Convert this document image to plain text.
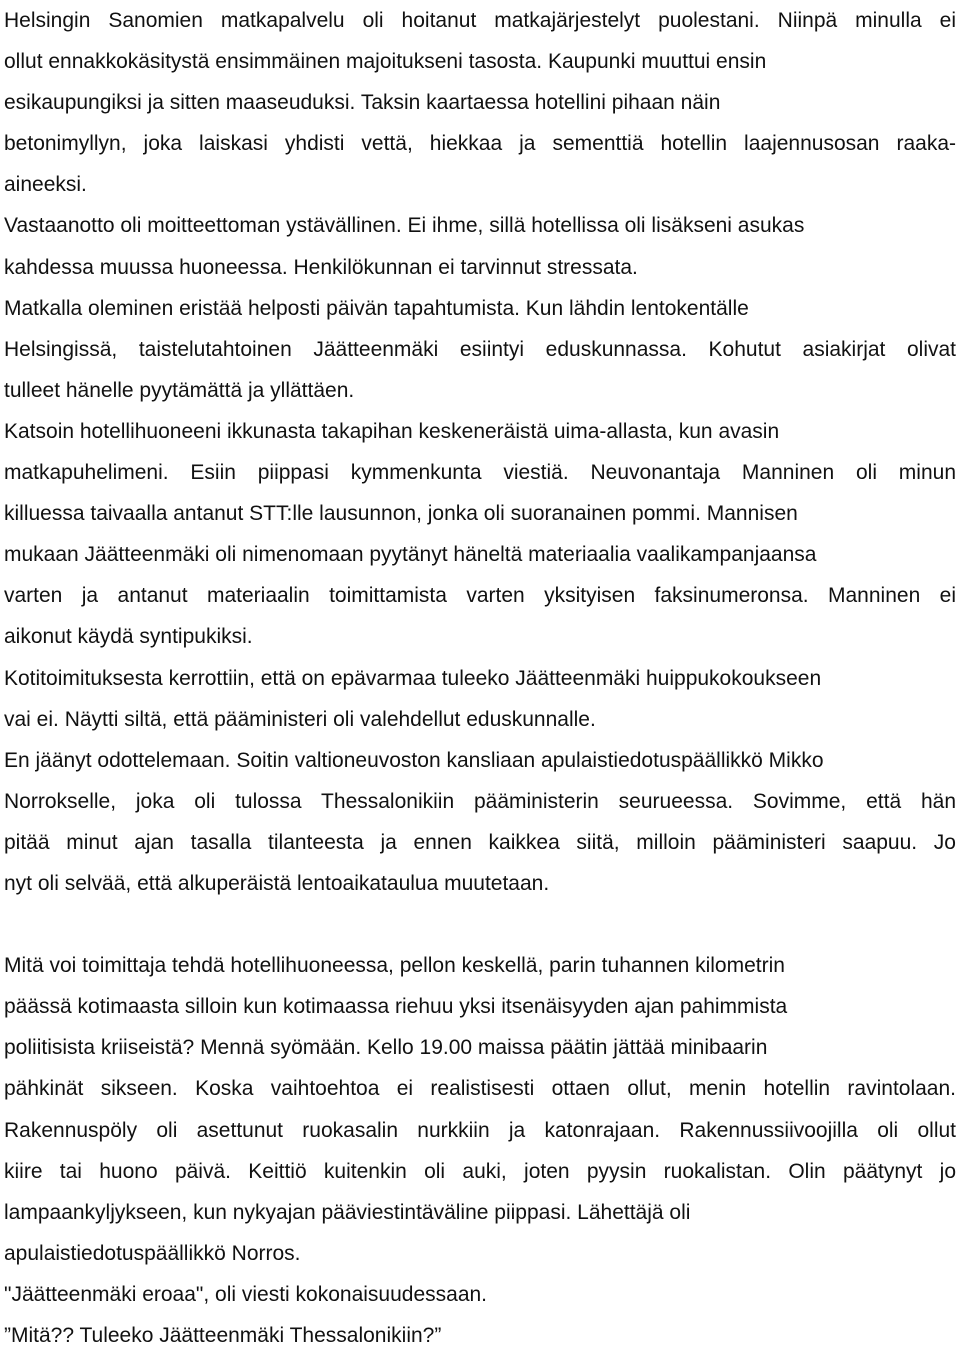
Helsingin Sanomien matkapalvelu oli hoitanut matkajärjestelyt puolestani. Niinpä minulla ei
ollut ennakkokäsitystä ensimmäinen majoitukseni tasosta. Kaupunki muuttui ensin
esikaupungiksi ja sitten maaseuduksi. Taksin kaartaessa hotellini pihaan näin
betonimyllyn, joka laiskasi yhdisti vettä, hiekkaa ja sementtiä hotellin laajennusosan raaka-
aineeksi.
Vastaanotto oli moitteettoman ystävällinen. Ei ihme, sillä hotellissa oli lisäkseni asukas
kahdessa muussa huoneessa. Henkilökunnan ei tarvinnut stressata.
Matkalla oleminen eristää helposti päivän tapahtumista. Kun lähdin lentokentälle
Helsingissä, taistelutahtoinen Jäätteenmäki esiintyi eduskunnassa. Kohutut asiakirjat olivat
tulleet hänelle pyytämättä ja yllättäen.
Katsoin hotellihuoneeni ikkunasta takapihan keskeneräistä uima-allasta, kun avasin
matkapuhelimeni. Esiin piippasi kymmenkunta viestiä. Neuvonantaja Manninen oli minun
killuessa taivaalla antanut STT:lle lausunnon, jonka oli suoranainen pommi. Mannisen
mukaan Jäätteenmäki oli nimenomaan pyytänyt häneltä materiaalia vaalikampanjaansa
varten ja antanut materiaalin toimittamista varten yksityisen faksinumeronsa. Manninen ei
aikonut käydä syntipukiksi.
Kotitoimituksesta kerrottiin, että on epävarmaa tuleeko Jäätteenmäki huippukokoukseen
vai ei. Näytti siltä, että pääministeri oli valehdellut eduskunnalle.
En jäänyt odottelemaan. Soitin valtioneuvoston kansliaan apulaistiedotuspäällikkö Mikko
Norrokselle, joka oli tulossa Thessalonikiin pääministerin seurueessa. Sovimme, että hän
pitää minut ajan tasalla tilanteesta ja ennen kaikkea siitä, milloin pääministeri saapuu. Jo
nyt oli selvää, että alkuperäistä lentoaikataulua muutetaan.
Mitä voi toimittaja tehdä hotellihuoneessa, pellon keskellä, parin tuhannen kilometrin
päässä kotimaasta silloin kun kotimaassa riehuu yksi itsenäisyyden ajan pahimmista
poliitisista kriiseistä? Mennä syömään. Kello 19.00 maissa päätin jättää minibaarin
pähkinät sikseen. Koska vaihtoehtoa ei realistisesti ottaen ollut, menin hotellin ravintolaan.
Rakennuspöly oli asettunut ruokasalin nurkkiin ja katonrajaan. Rakennussiivoojilla oli ollut
kiire tai huono päivä. Keittiö kuitenkin oli auki, joten pyysin ruokalistan. Olin päätynyt jo
lampaankyljykseen, kun nykyajan pääviestintäväline piippasi. Lähettäjä oli
apulaistiedotuspäällikkö Norros.
"Jäätteenmäki eroaa", oli viesti kokonaisuudessaan.
”Mitä?? Tuleeko Jäätteenmäki Thessalonikiin?”
